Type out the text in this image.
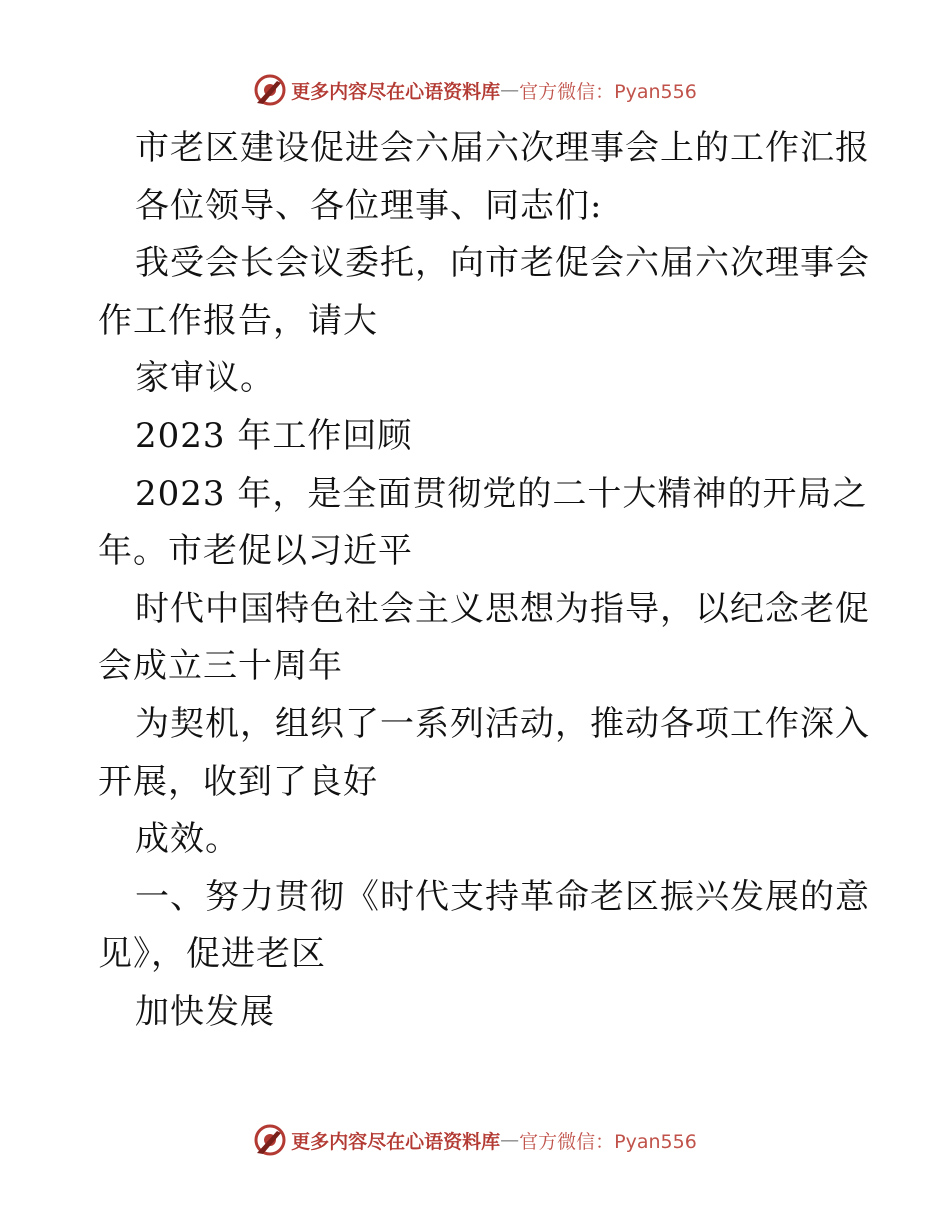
更多内容尽在心语资料库 — 官方微信：Pyan556
市老区建设促进会六届六次理事会上的工作汇报
各位领导、各位理事、同志们:
我受会长会议委托，向市老促会六届六次理事会
作工作报告，请大
家审议。
2023 年工作回顾
2023 年，是全面贯彻党的二十大精神的开局之
年。市老促以习近平
时代中国特色社会主义思想为指导，以纪念老促
会成立三十周年
为契机，组织了一系列活动，推动各项工作深入
开展，收到了良好
成效。
一、努力贯彻《时代支持革命老区振兴发展的意
见》，促进老区
加快发展
更多内容尽在心语资料库 — 官方微信：Pyan556
